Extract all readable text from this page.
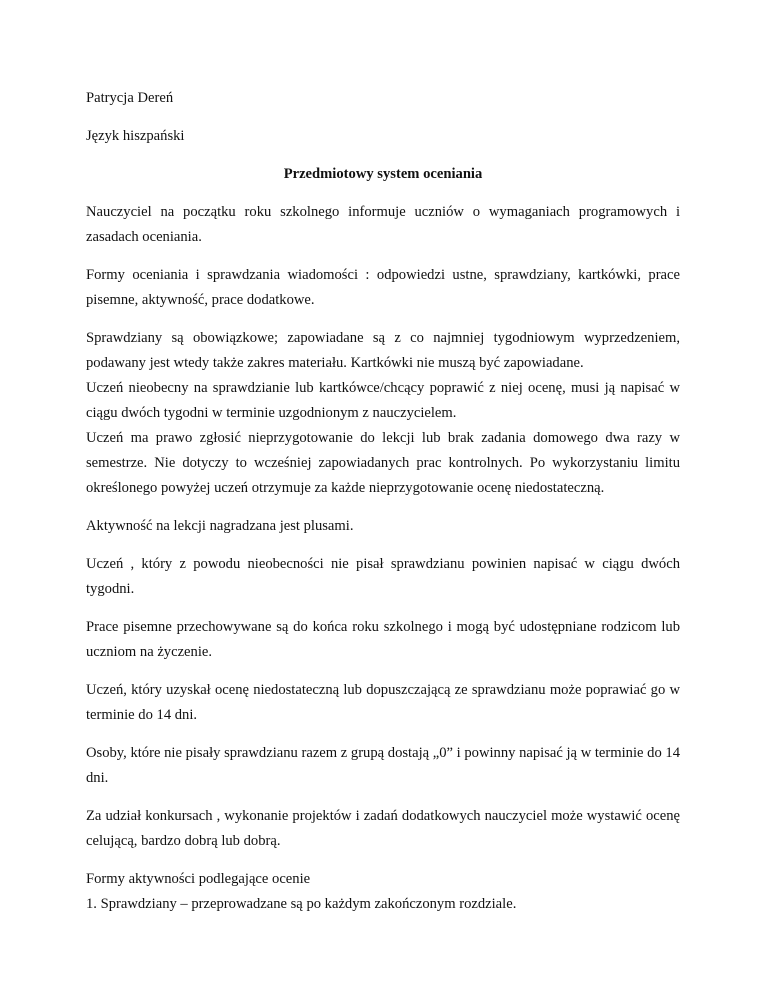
Patrycja Dereń

Język hiszpański

Przedmiotowy system oceniania

Nauczyciel na początku roku szkolnego informuje uczniów o wymaganiach programowych i zasadach oceniania.

Formy oceniania i sprawdzania wiadomości : odpowiedzi ustne, sprawdziany, kartkówki, prace pisemne, aktywność, prace dodatkowe.

Sprawdziany są obowiązkowe; zapowiadane są z co najmniej tygodniowym wyprzedzeniem, podawany jest wtedy także zakres materiału. Kartkówki nie muszą być zapowiadane.

Uczeń nieobecny na sprawdzianie lub kartkówce/chcący poprawić z niej ocenę, musi ją napisać w ciągu dwóch tygodni w terminie uzgodnionym z nauczycielem.

Uczeń ma prawo zgłosić nieprzygotowanie do lekcji lub brak zadania domowego dwa razy w semestrze. Nie dotyczy to wcześniej zapowiadanych prac kontrolnych. Po wykorzystaniu limitu określonego powyżej uczeń otrzymuje za każde nieprzygotowanie ocenę niedostateczną.

Aktywność na lekcji nagradzana jest plusami.

Uczeń , który z powodu nieobecności nie pisał sprawdzianu powinien napisać w ciągu dwóch tygodni.

Prace pisemne przechowywane są do końca roku szkolnego i mogą być udostępniane rodzicom lub uczniom na życzenie.

Uczeń, który uzyskał ocenę niedostateczną lub dopuszczającą ze sprawdzianu może poprawiać go w terminie do 14 dni.

Osoby, które nie pisały sprawdzianu razem z grupą dostają „0” i powinny napisać ją w terminie do 14 dni.

Za udział konkursach , wykonanie projektów i zadań dodatkowych nauczyciel może wystawić ocenę celującą, bardzo dobrą lub dobrą.

Formy aktywności podlegające ocenie

1. Sprawdziany – przeprowadzane są po każdym zakończonym rozdziale.
